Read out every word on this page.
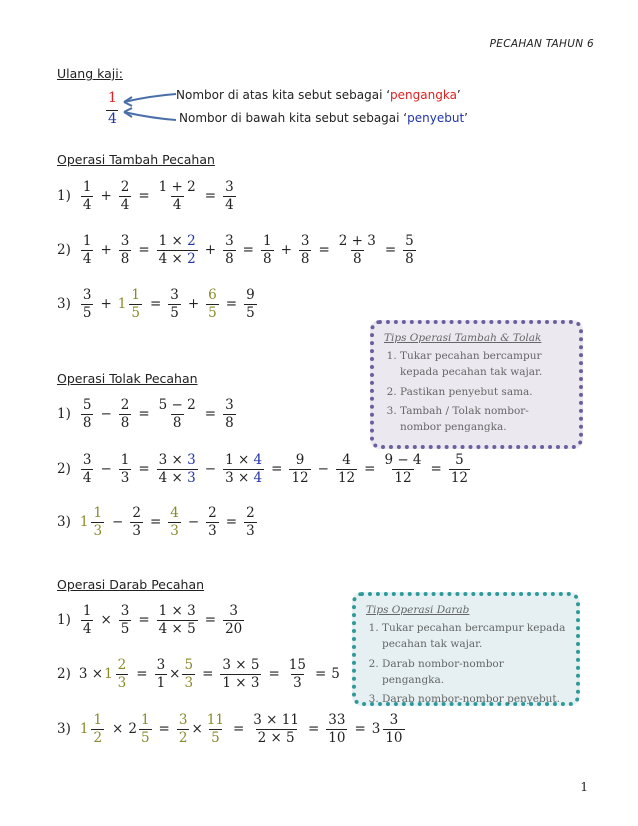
PECAHAN TAHUN 6
Ulang kaji:
1
4
Nombor di atas kita sebut sebagai ‘pengangka’
Nombor di bawah kita sebut sebagai ‘penyebut’
Operasi Tambah Pecahan
1)
1
4
+ $\frac{2}{4} = \frac{1 + 2}{4} = \frac{3}{4}$
2)
1
4
+ $\frac{3}{8} = \frac{1 \times 2}{4 \times 2} + \frac{3}{8} = \frac{1}{8} + \frac{3}{8} = \frac{2 + 3}{8} = \frac{5}{8}$
3)
3
5
+ 1
1
5
= $\frac{3}{5} + \frac{6}{5} = \frac{9}{5}$
Tips Operasi Tambah & Tolak
1. Tukar pecahan bercampur kepada pecahan tak wajar.
2. Pastikan penyebut sama.
3. Tambah / Tolak nombor-nombor pengangka.
Operasi Tolak Pecahan
1)
5
8
− $\frac{2}{8} = \frac{5 - 2}{8} = \frac{3}{8}$
2)
3
4
− $\frac{1}{3} = \frac{3 \times 3}{4 \times 3} - \frac{1 \times 4}{3 \times 4} = \frac{9}{12} - \frac{4}{12} = \frac{9 - 4}{12} = \frac{5}{12}$
3) 1
1
3
− $\frac{2}{3} = \frac{4}{3} - \frac{2}{3} = \frac{2}{3}$
Operasi Darab Pecahan
$1) \frac{1}{4} \times \frac{3}{5} = \frac{1 \times 3}{4 \times 5} = \frac{3}{20}$
2) 3 × 1
2
3
= $\frac{3}{1} \times \frac{5}{3} = \frac{3 \times 5}{1 \times 3} = \frac{15}{3} = 5$
3) 1
1
2
× $2 \frac{1}{5} = \frac{3}{2} \times \frac{11}{5} = \frac{3 \times 11}{2 \times 5} = \frac{33}{10} = 3$
3
10
Tips Operasi Darab
1. Tukar pecahan bercampur kepada pecahan tak wajar.
2. Darab nombor-nombor pengangka.
3. Darab nombor-nombor penyebut.
1
